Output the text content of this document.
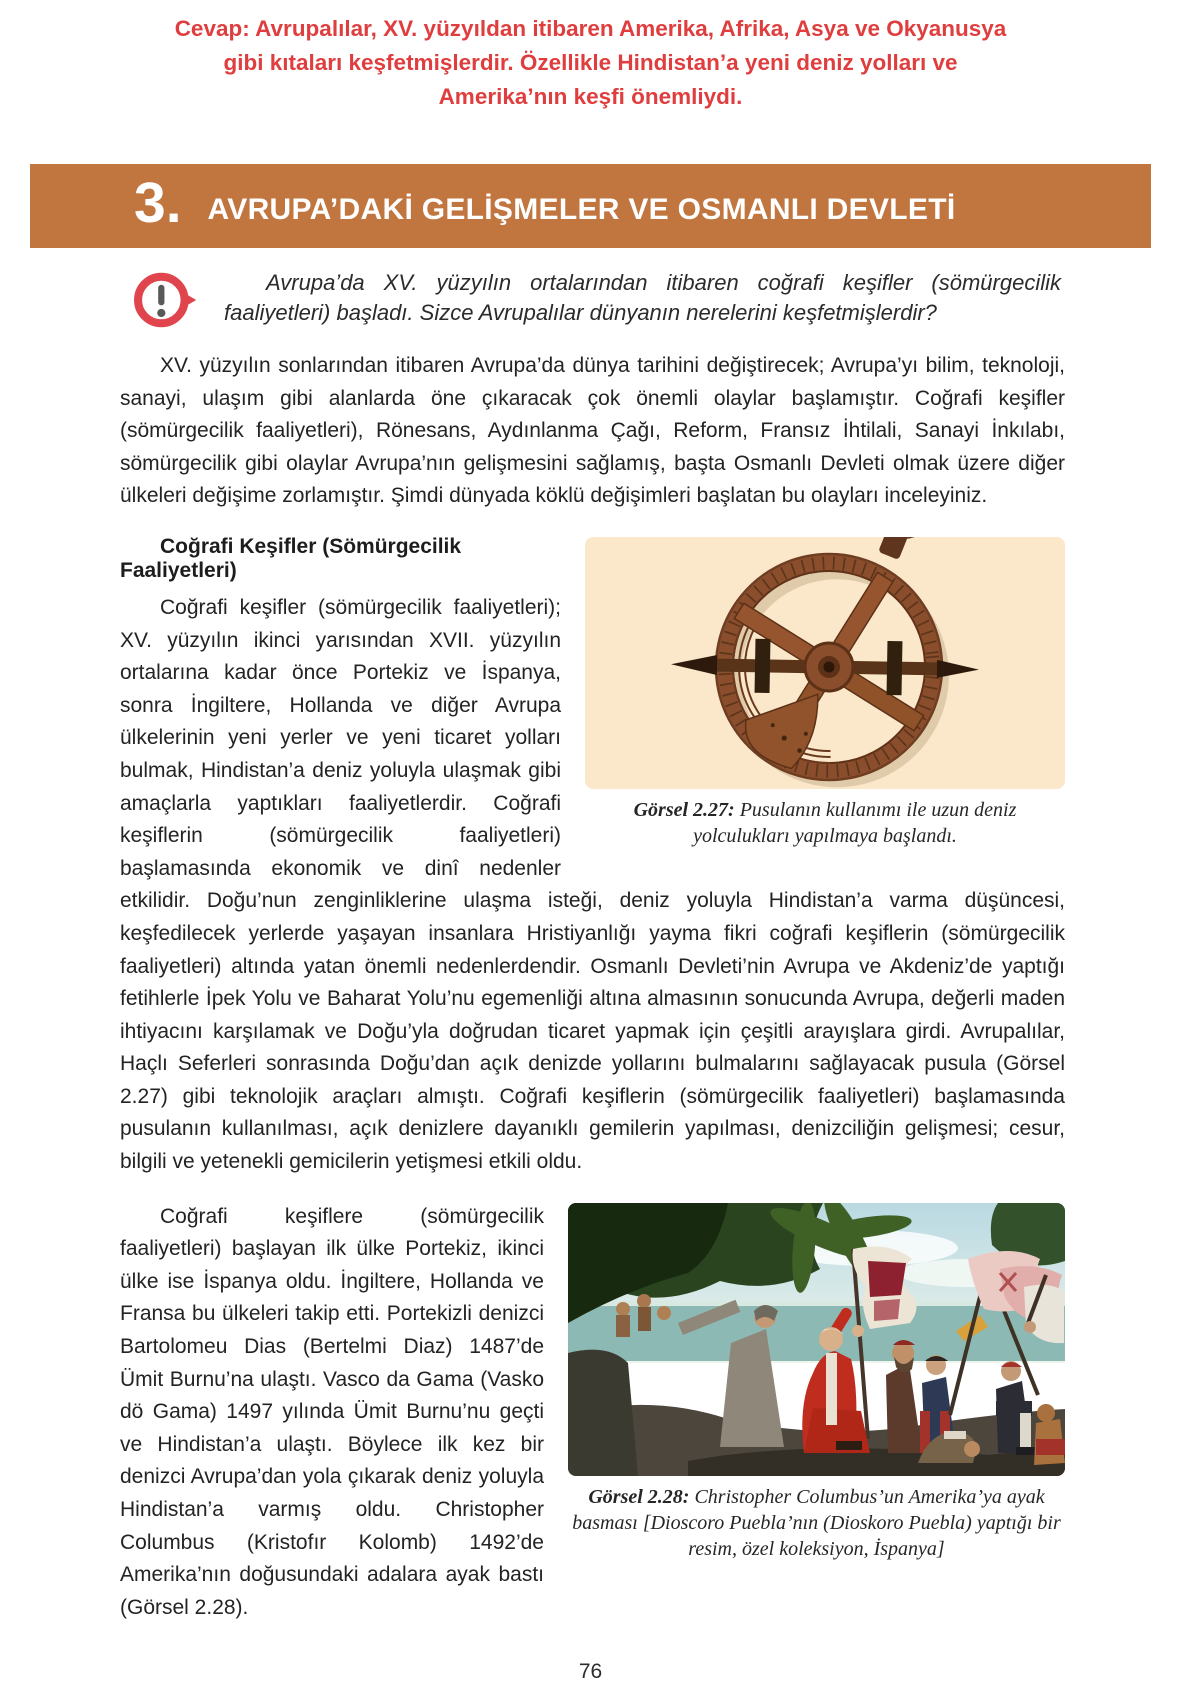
Cevap: Avrupalılar, XV. yüzyıldan itibaren Amerika, Afrika, Asya ve Okyanusya gibi kıtaları keşfetmişlerdir. Özellikle Hindistan’a yeni deniz yolları ve Amerika’nın keşfi önemliydi.
3. AVRUPA’DAKİ GELİŞMELER VE OSMANLI DEVLETİ

Avrupa’da XV. yüzyılın ortalarından itibaren coğrafi keşifler (sömürgecilik faaliyetleri) başladı. Sizce Avrupalılar dünyanın nerelerini keşfetmişlerdir?

XV. yüzyılın sonlarından itibaren Avrupa’da dünya tarihini değiştirecek; Avrupa’yı bilim, teknoloji, sanayi, ulaşım gibi alanlarda öne çıkaracak çok önemli olaylar başlamıştır. Coğrafi keşifler (sömürgecilik faaliyetleri), Rönesans, Aydınlanma Çağı, Reform, Fransız İhtilali, Sanayi İnkılabı, sömürgecilik gibi olaylar Avrupa’nın gelişmesini sağlamış, başta Osmanlı Devleti olmak üzere diğer ülkeleri değişime zorlamıştır. Şimdi dünyada köklü değişimleri başlatan bu olayları inceleyiniz.

Görsel 2.27: Pusulanın kullanımı ile uzun deniz yolculukları yapılmaya başlandı.
Coğrafi Keşifler (Sömürgecilik Faaliyetleri)

Coğrafi keşifler (sömürgecilik faaliyetleri); XV. yüzyılın ikinci yarısından XVII. yüzyılın ortalarına kadar önce Portekiz ve İspanya, sonra İngiltere, Hollanda ve diğer Avrupa ülkelerinin yeni yerler ve yeni ticaret yolları bulmak, Hindistan’a deniz yoluyla ulaşmak gibi amaçlarla yaptıkları faaliyetlerdir. Coğrafi keşiflerin (sömürgecilik faaliyetleri) başlamasında ekonomik ve dinî nedenler etkilidir. Doğu’nun zenginliklerine ulaşma isteği, deniz yoluyla Hindistan’a varma düşüncesi, keşfedilecek yerlerde yaşayan insanlara Hristiyanlığı yayma fikri coğrafi keşiflerin (sömürgecilik faaliyetleri) altında yatan önemli nedenlerdendir. Osmanlı Devleti’nin Avrupa ve Akdeniz’de yaptığı fetihlerle İpek Yolu ve Baharat Yolu’nu egemenliği altına almasının sonucunda Avrupa, değerli maden ihtiyacını karşılamak ve Doğu’yla doğrudan ticaret yapmak için çeşitli arayışlara girdi. Avrupalılar, Haçlı Seferleri sonrasında Doğu’dan açık denizde yollarını bulmalarını sağlayacak pusula (Görsel 2.27) gibi teknolojik araçları almıştı. Coğrafi keşiflerin (sömürgecilik faaliyetleri) başlamasında pusulanın kullanılması, açık denizlere dayanıklı gemilerin yapılması, denizciliğin gelişmesi; cesur, bilgili ve yetenekli gemicilerin yetişmesi etkili oldu.

Görsel 2.28: Christopher Columbus’un Amerika’ya ayak basması [Dioscoro Puebla’nın (Dioskoro Puebla) yaptığı bir resim, özel koleksiyon, İspanya]

Coğrafi keşiflere (sömürgecilik faaliyetleri) başlayan ilk ülke Portekiz, ikinci ülke ise İspanya oldu. İngiltere, Hollanda ve Fransa bu ülkeleri takip etti. Portekizli denizci Bartolomeu Dias (Bertelmi Diaz) 1487’de Ümit Burnu’na ulaştı. Vasco da Gama (Vasko dö Gama) 1497 yılında Ümit Burnu’nu geçti ve Hindistan’a ulaştı. Böylece ilk kez bir denizci Avrupa’dan yola çıkarak deniz yoluyla Hindistan’a varmış oldu. Christopher Columbus (Kristofır Kolomb) 1492’de Amerika’nın doğusundaki adalara ayak bastı (Görsel 2.28).

76
